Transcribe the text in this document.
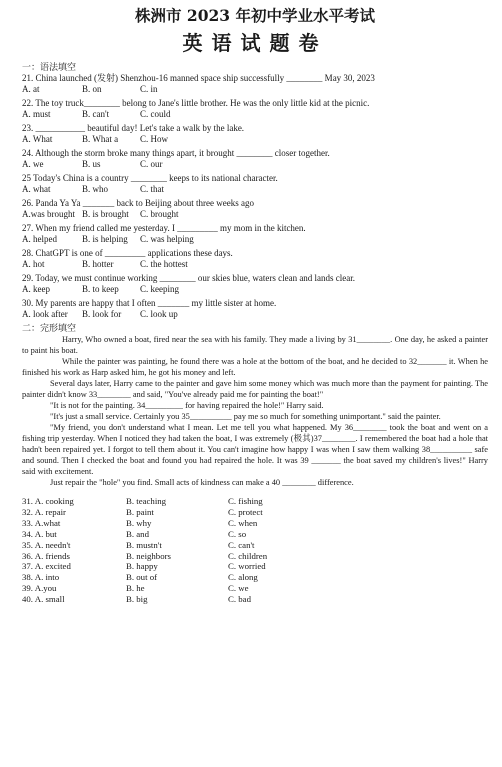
株洲市 2023 年初中学业水平考试
英语试题卷
一：语法填空
21. China launched (发射) Shenzhou-16 manned space ship successfully ________ May 30, 2023
A. at	B. on	C. in
22. The toy truck________ belong to Jane's little brother. He was the only little kid at the picnic.
A. must	B. can't	C. could
23. ___________ beautiful day! Let's take a walk by the lake.
A. What	B. What a	C. How
24. Although the storm broke many things apart, it brought ________ closer together.
A. we	B. us	C. our
25 Today's China is a country ________ keeps to its national character.
A. what	B. who	C. that
26. Panda Ya Ya _______ back to Beijing about three weeks ago
A.was brought B. is brought	C. brought
27. When my friend called me yesterday. I _________ my mom in the kitchen.
A. helped	B. is helping	C. was helping
28. ChatGPT is one of _________ applications these days.
A. hot	B. hotter	C. the hottest
29. Today, we must continue working ________ our skies blue, waters clean and lands clear.
A. keep	B. to keep	C. keeping
30. My parents are happy that I often _______ my little sister at home.
A. look after	B. look for	C. look up
二：完形填空

Harry, Who owned a boat, fired near the sea with his family. They made a living by 31________. One day, he asked a painter to paint his boat.

While the painter was painting, he found there was a hole at the bottom of the boat, and he decided to 32_______ it. When he finished his work as Harp asked him, he got his money and left.

Several days later, Harry came to the painter and gave him some money which was much more than the payment for painting. The painter didn't know 33________ and said, "You've already paid me for painting the boat!"

"It is not for the painting. 34_________ for having repaired the hole!" Harry said.

"It's just a small service. Certainly you 35__________ pay me so much for something unimportant." said the painter.

"My friend, you don't understand what I mean. Let me tell you what happened. My 36________ took the boat and went on a fishing trip yesterday. When I noticed they had taken the boat, I was extremely (极其)37________. I remembered the boat had a hole that hadn't been repaired yet. I forgot to tell them about it. You can't imagine how happy I was when I saw them walking 38__________ safe and sound. Then I checked the boat and found you had repaired the hole. It was 39 _______ the boat saved my children's lives!" Harry said with excitement.

Just repair the "hole" you find. Small acts of kindness can make a 40 ________ difference.

31. A. cooking	B. teaching	C. fishing
32. A. repair	B. paint	C. protect
33. A.what	B. why	C. when
34. A. but	B. and	C. so
35. A. needn't	B. mustn't	C. can't
36. A. friends	B. neighbors	C. children
37. A. excited	B. happy	C. worried
38. A. into	B. out of	C. along
39. A.you	B. he	C. we
40. A. small	B. big	C. bad
